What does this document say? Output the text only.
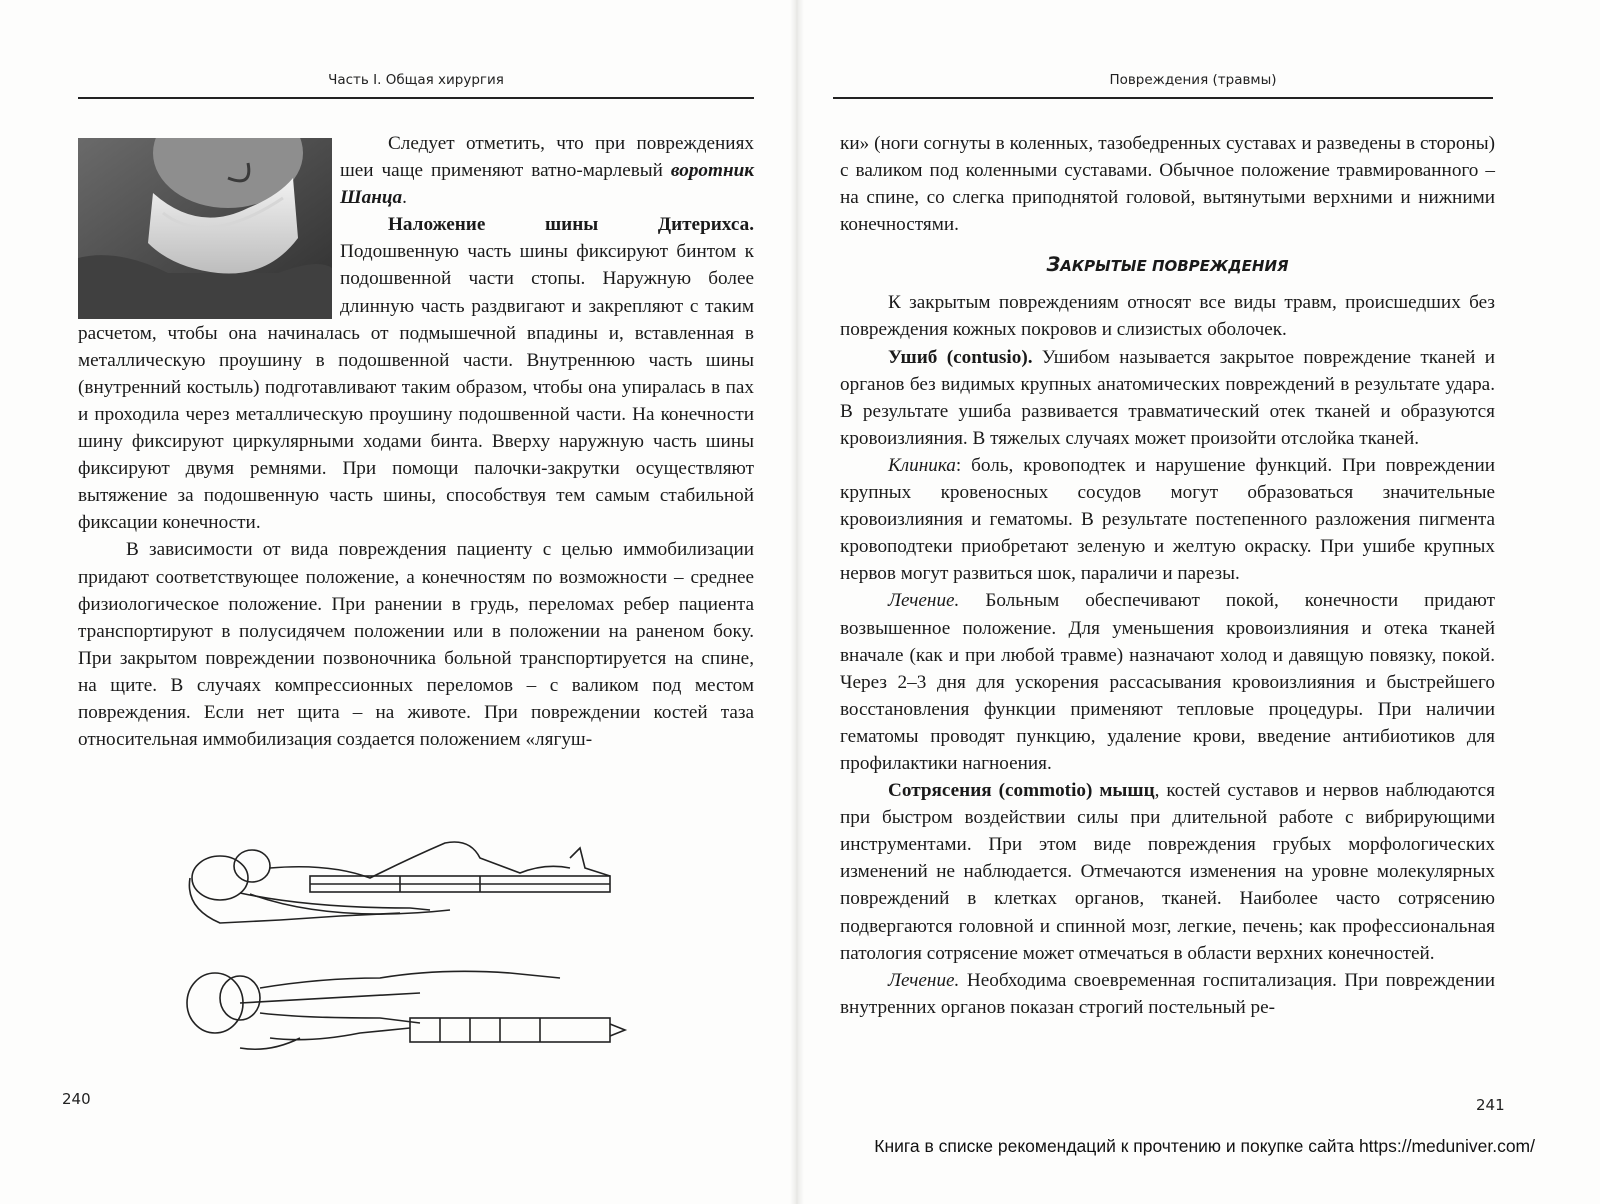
Часть I. Общая хирургия

Следует отметить, что при повреждениях шеи чаще применяют ватно-марлевый воротник Шанца.

Наложение шины Дитерихса. Подошвенную часть шины фиксируют бинтом к подошвенной части стопы. Наружную более длинную часть раздвигают и закрепляют с таким расчетом, чтобы она начиналась от подмышечной впадины и, вставленная в металлическую проушину в подошвенной части. Внутреннюю часть шины (внутренний костыль) подготавливают таким образом, чтобы она упиралась в пах и проходила через металлическую проушину подошвенной части. На конечности шину фиксируют циркулярными ходами бинта. Вверху наружную часть шины фиксируют двумя ремнями. При помощи палочки-закрутки осуществляют вытяжение за подошвенную часть шины, способствуя тем самым стабильной фиксации конечности.

В зависимости от вида повреждения пациенту с целью иммобилизации придают соответствующее положение, а конечностям по возможности – среднее физиологическое положение. При ранении в грудь, переломах ребер пациента транспортируют в полусидячем положении или в положении на раненом боку. При закрытом повреждении позвоночника больной транспортируется на спине, на щите. В случаях компрессионных переломов – с валиком под местом повреждения. Если нет щита – на животе. При повреждении костей таза относительная иммобилизация создается положением «лягуш-

240
Повреждения (травмы)

ки» (ноги согнуты в коленных, тазобедренных суставах и разведены в стороны) с валиком под коленными суставами. Обычное положение травмированного – на спине, со слегка приподнятой головой, вытянутыми верхними и нижними конечностями.

ЗАКРЫТЫЕ ПОВРЕЖДЕНИЯ

К закрытым повреждениям относят все виды травм, происшедших без повреждения кожных покровов и слизистых оболочек.

Ушиб (contusio). Ушибом называется закрытое повреждение тканей и органов без видимых крупных анатомических повреждений в результате удара. В результате ушиба развивается травматический отек тканей и образуются кровоизлияния. В тяжелых случаях может произойти отслойка тканей.

Клиника: боль, кровоподтек и нарушение функций. При повреждении крупных кровеносных сосудов могут образоваться значительные кровоизлияния и гематомы. В результате постепенного разложения пигмента кровоподтеки приобретают зеленую и желтую окраску. При ушибе крупных нервов могут развиться шок, параличи и парезы.

Лечение. Больным обеспечивают покой, конечности придают возвышенное положение. Для уменьшения кровоизлияния и отека тканей вначале (как и при любой травме) назначают холод и давящую повязку, покой. Через 2–3 дня для ускорения рассасывания кровоизлияния и быстрейшего восстановления функции применяют тепловые процедуры. При наличии гематомы проводят пункцию, удаление крови, введение антибиотиков для профилактики нагноения.

Сотрясения (commotio) мышц, костей суставов и нервов наблюдаются при быстром воздействии силы при длительной работе с вибрирующими инструментами. При этом виде повреждения грубых морфологических изменений не наблюдается. Отмечаются изменения на уровне молекулярных повреждений в клетках органов, тканей. Наиболее часто сотрясению подвергаются головной и спинной мозг, легкие, печень; как профессиональная патология сотрясение может отмечаться в области верхних конечностей.

Лечение. Необходима своевременная госпитализация. При повреждении внутренних органов показан строгий постельный ре-

241
Книга в списке рекомендаций к прочтению и покупке сайта https://meduniver.com/
